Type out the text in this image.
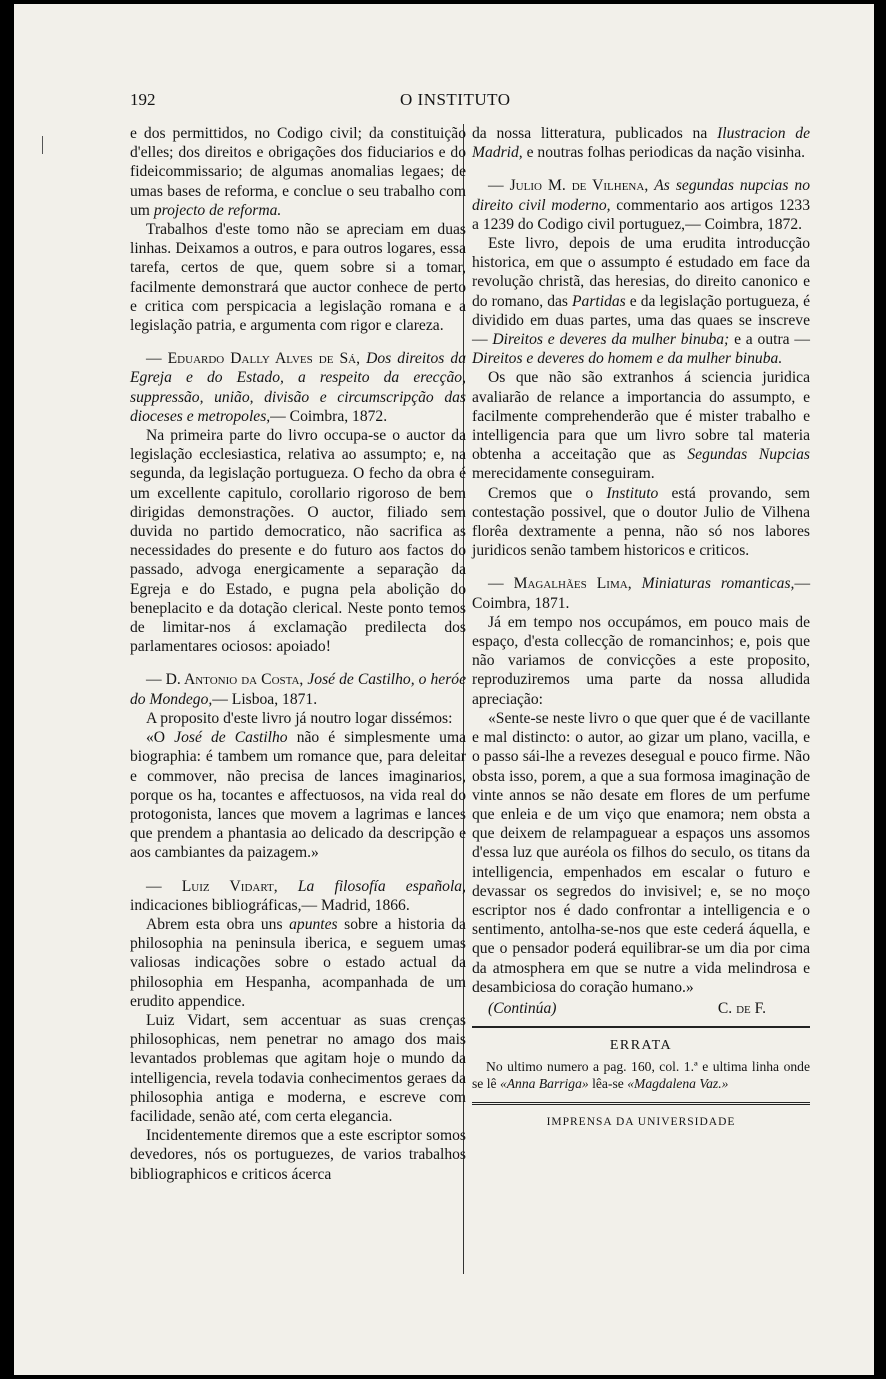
192	O INSTITUTO

e dos permittidos, no Codigo civil; da constituição d'elles; dos direitos e obrigações dos fiduciarios e do fideicommissario; de algumas anomalias legaes; de umas bases de reforma, e conclue o seu trabalho com um projecto de reforma.

Trabalhos d'este tomo não se apreciam em duas linhas. Deixamos a outros, e para outros logares, essa tarefa, certos de que, quem sobre si a tomar, facilmente demonstrará que auctor conhece de perto e critica com perspicacia a legislação romana e a legislação patria, e argumenta com rigor e clareza.

— Eduardo Dally Alves de Sá, Dos direitos da Egreja e do Estado, a respeito da erecção, suppressão, união, divisão e circumscripção das dioceses e metropoles,— Coimbra, 1872.

Na primeira parte do livro occupa-se o auctor da legislação ecclesiastica, relativa ao assumpto; e, na segunda, da legislação portugueza. O fecho da obra é um excellente capitulo, corollario rigoroso de bem dirigidas demonstrações. O auctor, filiado sem duvida no partido democratico, não sacrifica as necessidades do presente e do futuro aos factos do passado, advoga energicamente a separação da Egreja e do Estado, e pugna pela abolição do beneplacito e da dotação clerical. Neste ponto temos de limitar-nos á exclamação predilecta dos parlamentares ociosos: apoiado!

— D. Antonio da Costa, José de Castilho, o heróe do Mondego,— Lisboa, 1871.

A proposito d'este livro já noutro logar dissémos:

«O José de Castilho não é simplesmente uma biographia: é tambem um romance que, para deleitar e commover, não precisa de lances imaginarios, porque os ha, tocantes e affectuosos, na vida real do protogonista, lances que movem a lagrimas e lances que prendem a phantasia ao delicado da descripção e aos cambiantes da paizagem.»

— Luiz Vidart, La filosofía española, indicaciones bibliográficas,— Madrid, 1866.

Abrem esta obra uns apuntes sobre a historia da philosophia na peninsula iberica, e seguem umas valiosas indicações sobre o estado actual da philosophia em Hespanha, acompanhada de um erudito appendice.

Luiz Vidart, sem accentuar as suas crenças philosophicas, nem penetrar no amago dos mais levantados problemas que agitam hoje o mundo da intelligencia, revela todavia conhecimentos geraes da philosophia antiga e moderna, e escreve com facilidade, senão até, com certa elegancia.

Incidentemente diremos que a este escriptor somos devedores, nós os portuguezes, de varios trabalhos bibliographicos e criticos ácerca

da nossa litteratura, publicados na Ilustracion de Madrid, e noutras folhas periodicas da nação visinha.

— Julio M. de Vilhena, As segundas nupcias no direito civil moderno, commentario aos artigos 1233 a 1239 do Codigo civil portuguez,— Coimbra, 1872.

Este livro, depois de uma erudita introducção historica, em que o assumpto é estudado em face da revolução christã, das heresias, do direito canonico e do romano, das Partidas e da legislação portugueza, é dividido em duas partes, uma das quaes se inscreve — Direitos e deveres da mulher binuba; e a outra —Direitos e deveres do homem e da mulher binuba.

Os que não são extranhos á sciencia juridica avaliarão de relance a importancia do assumpto, e facilmente comprehenderão que é mister trabalho e intelligencia para que um livro sobre tal materia obtenha a acceitação que as Segundas Nupcias merecidamente conseguiram.

Cremos que o Instituto está provando, sem contestação possivel, que o doutor Julio de Vilhena florêa dextramente a penna, não só nos labores juridicos senão tambem historicos e criticos.

— Magalhães Lima, Miniaturas romanticas,— Coimbra, 1871.

Já em tempo nos occupámos, em pouco mais de espaço, d'esta collecção de romancinhos; e, pois que não variamos de convicções a este proposito, reproduziremos uma parte da nossa alludida apreciação:

«Sente-se neste livro o que quer que é de vacillante e mal distincto: o autor, ao gizar um plano, vacilla, e o passo sái-lhe a revezes desegual e pouco firme. Não obsta isso, porem, a que a sua formosa imaginação de vinte annos se não desate em flores de um perfume que enleia e de um viço que enamora; nem obsta a que deixem de relampaguear a espaços uns assomos d'essa luz que auréola os filhos do seculo, os titans da intelligencia, empenhados em escalar o futuro e devassar os segredos do invisivel; e, se no moço escriptor nos é dado confrontar a intelligencia e o sentimento, antolha-se-nos que este cederá áquella, e que o pensador poderá equilibrar-se um dia por cima da atmosphera em que se nutre a vida melindrosa e desambiciosa do coração humano.»

(Continúa)	C. de F.
ERRATA

No ultimo numero a pag. 160, col. 1.ª e ultima linha onde se lê «Anna Barriga» lêa-se «Magdalena Vaz.»

IMPRENSA DA UNIVERSIDADE
